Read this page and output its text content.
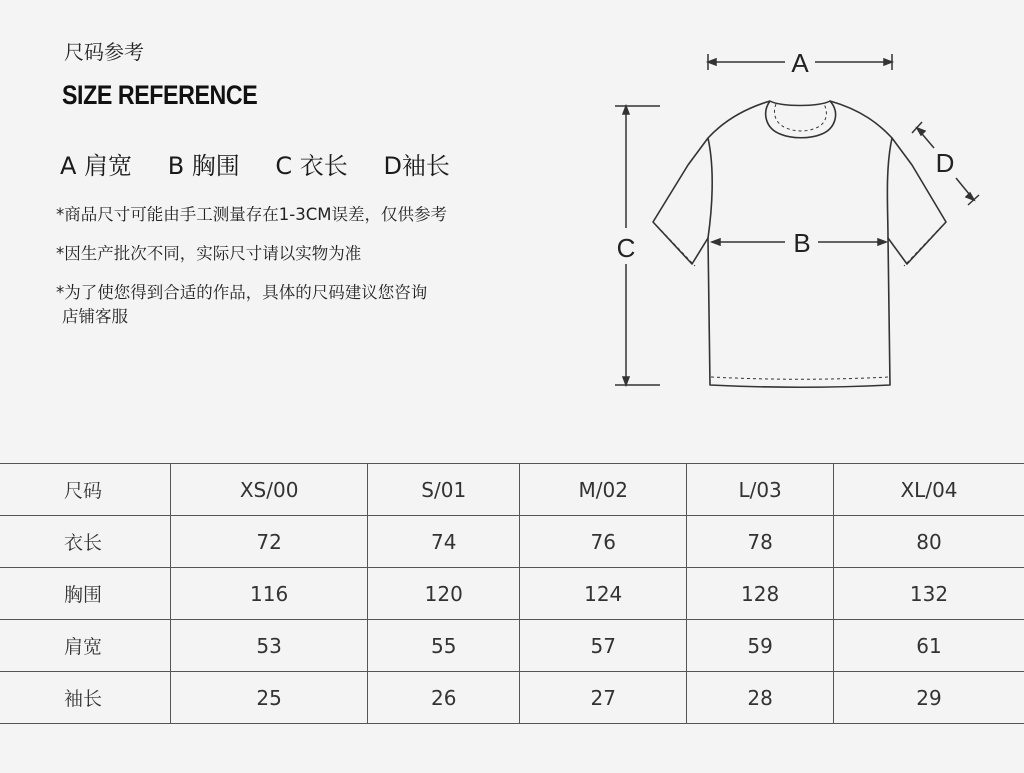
尺码参考
SIZE REFERENCE
A 肩宽 B 胸围 C 衣长 D袖长

*商品尺寸可能由手工测量存在1-3CM误差，仅供参考

*因生产批次不同，实际尺寸请以实物为准

*为了使您得到合适的作品，具体的尺码建议您咨询

店铺客服

A
C
D
B
尺码	XS/00	S/01	M/02	L/03	XL/04
衣长	72	74	76	78	80
胸围	116	120	124	128	132
肩宽	53	55	57	59	61
袖长	25	26	27	28	29
